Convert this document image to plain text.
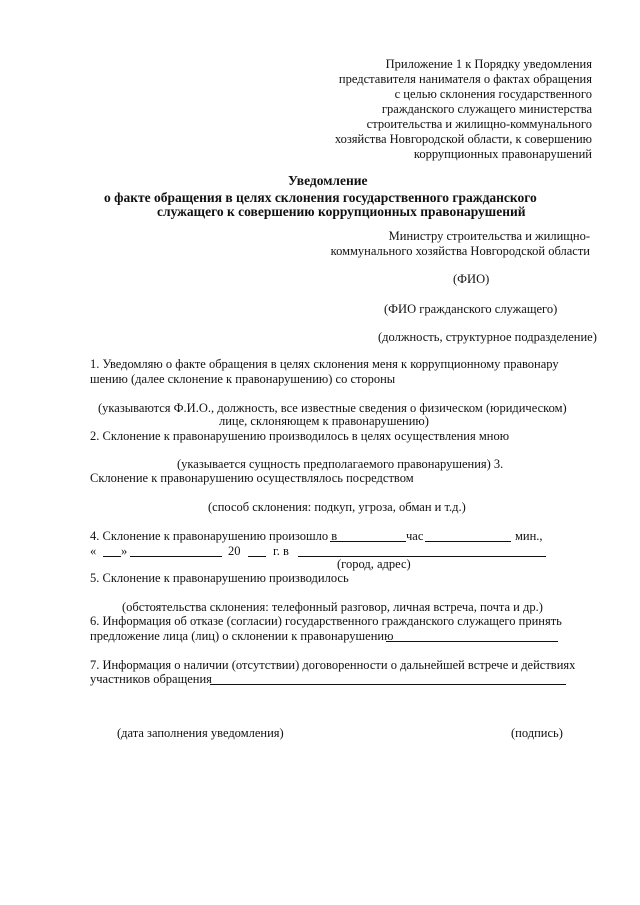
Приложение 1 к Порядку уведомления
представителя нанимателя о фактах обращения
с целью склонения государственного
гражданского служащего министерства
строительства и жилищно-коммунального
хозяйства Новгородской области, к совершению
коррупционных правонарушений
Уведомление
о факте обращения в целях склонения государственного гражданского
служащего к совершению коррупционных правонарушений
Министру строительства и жилищно-
коммунального хозяйства Новгородской области
(ФИО)
(ФИО гражданского служащего)
(должность, структурное подразделение)
1. Уведомляю о факте обращения в целях склонения меня к коррупционному правонару
шению (далее склонение к правонарушению) со стороны
(указываются Ф.И.О., должность, все известные сведения о физическом (юридическом)
лице, склоняющем к правонарушению)
2. Склонение к правонарушению производилось в целях осуществления мною
(указывается сущность предполагаемого правонарушения) 3.
Склонение к правонарушению осуществлялось посредством
(способ склонения: подкуп, угроза, обман и т.д.)
4. Склонение к правонарушению произошло в	час	мин.,
« »	20	г. в
(город, адрес)
5. Склонение к правонарушению производилось
(обстоятельства склонения: телефонный разговор, личная встреча, почта и др.)
6. Информация об отказе (согласии) государственного гражданского служащего принять
предложение лица (лиц) о склонении к правонарушению
7. Информация о наличии (отсутствии) договоренности о дальнейшей встрече и действиях
участников обращения
(дата заполнения уведомления)	(подпись)
